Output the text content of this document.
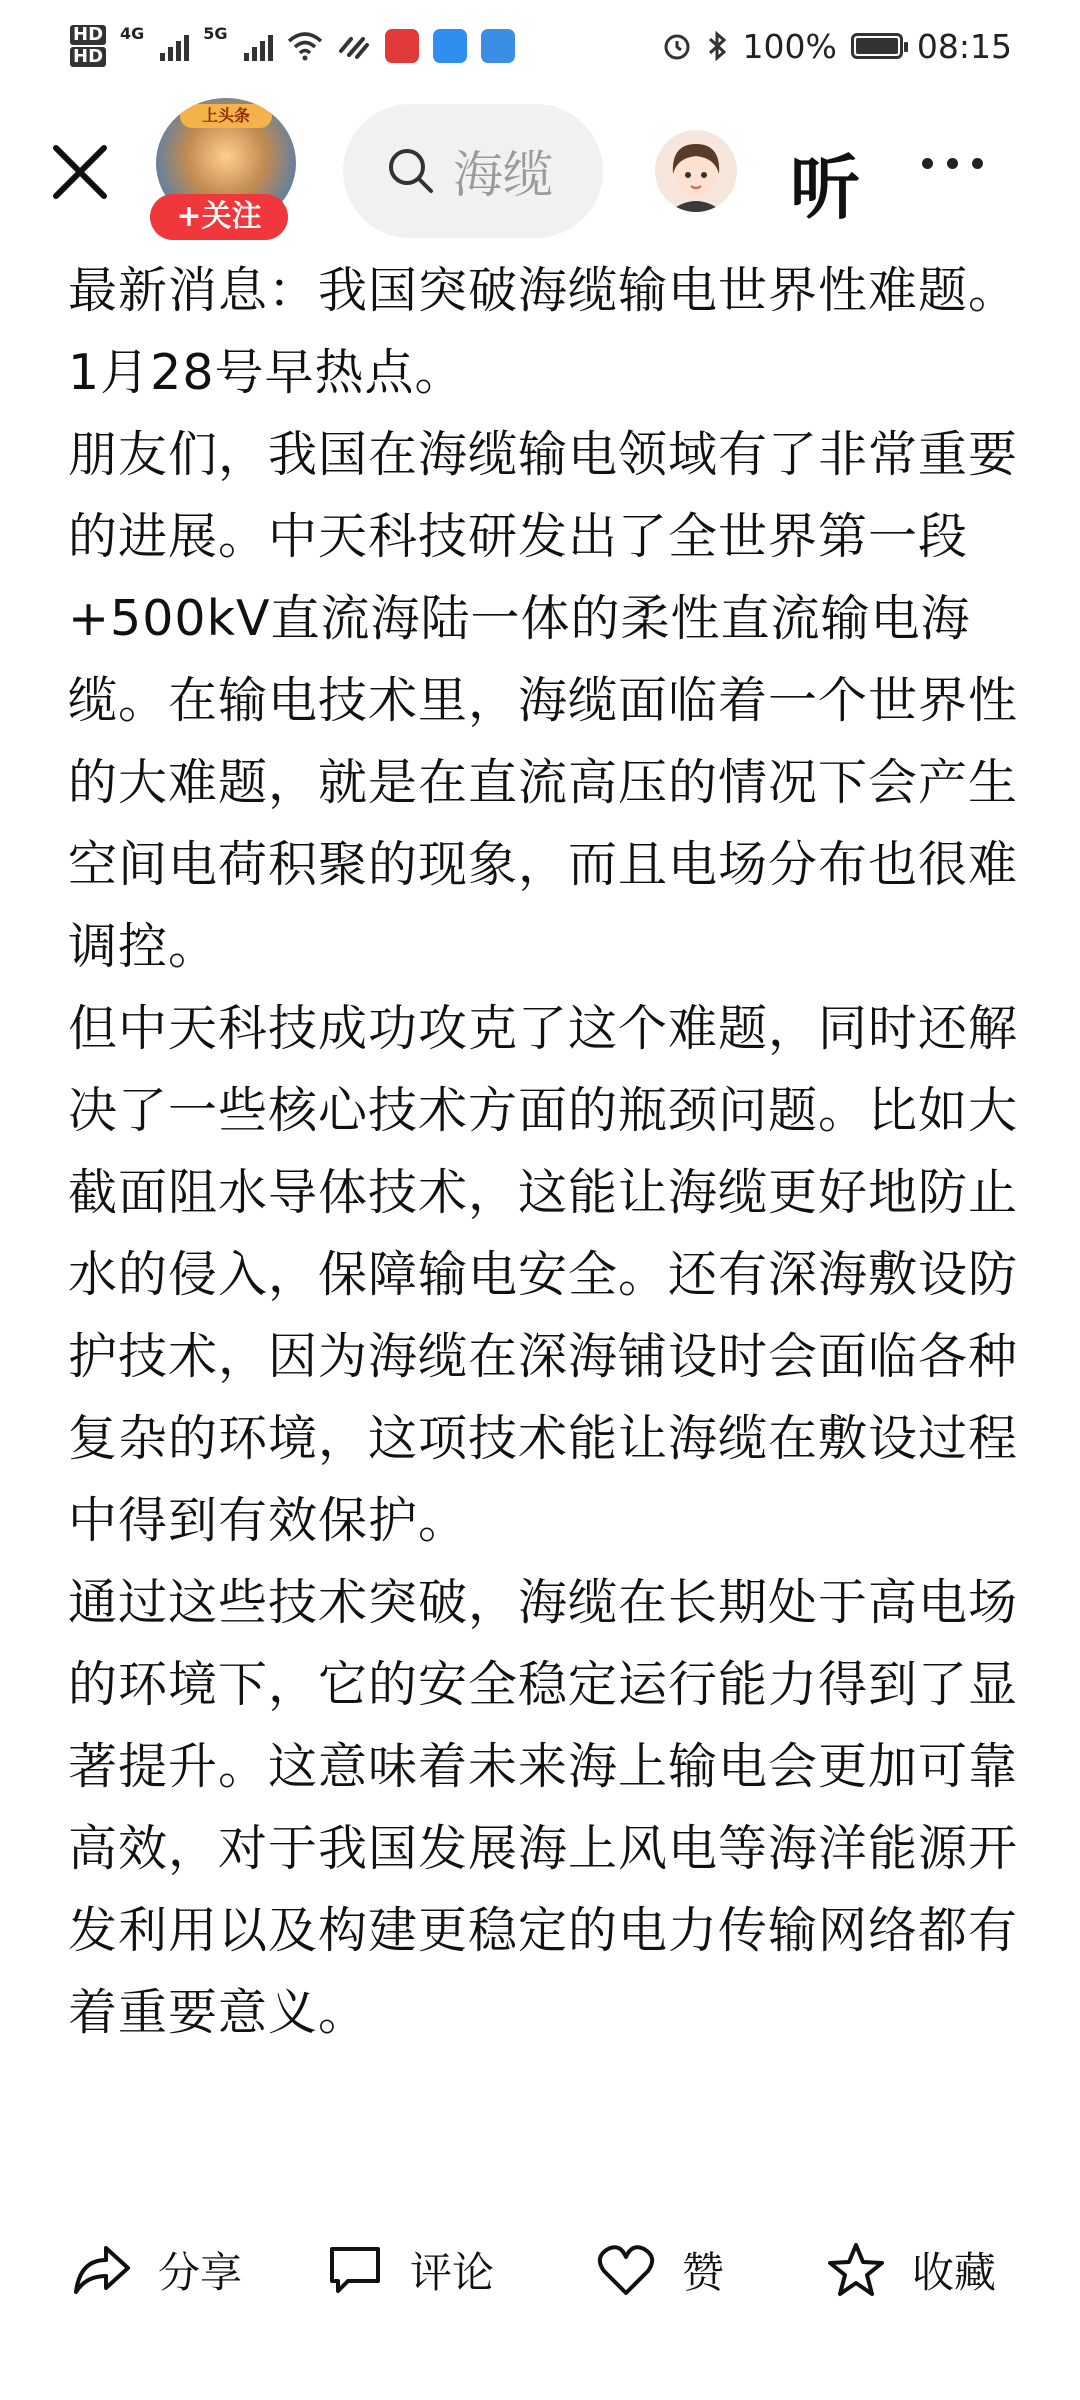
HD
HD
4G	5G	100% 08:15
上头条
+关注
海缆	听

最新消息：我国突破海缆输电世界性难题。

1月28号早热点。

朋友们，我国在海缆输电领域有了非常重要的进展。中天科技研发出了全世界第一段+500kV直流海陆一体的柔性直流输电海缆。在输电技术里，海缆面临着一个世界性的大难题，就是在直流高压的情况下会产生空间电荷积聚的现象，而且电场分布也很难调控。

但中天科技成功攻克了这个难题，同时还解决了一些核心技术方面的瓶颈问题。比如大截面阻水导体技术，这能让海缆更好地防止水的侵入，保障输电安全。还有深海敷设防护技术，因为海缆在深海铺设时会面临各种复杂的环境，这项技术能让海缆在敷设过程中得到有效保护。

通过这些技术突破，海缆在长期处于高电场的环境下，它的安全稳定运行能力得到了显著提升。这意味着未来海上输电会更加可靠高效，对于我国发展海上风电等海洋能源开发利用以及构建更稳定的电力传输网络都有着重要意义。

分享	评论	赞	收藏
